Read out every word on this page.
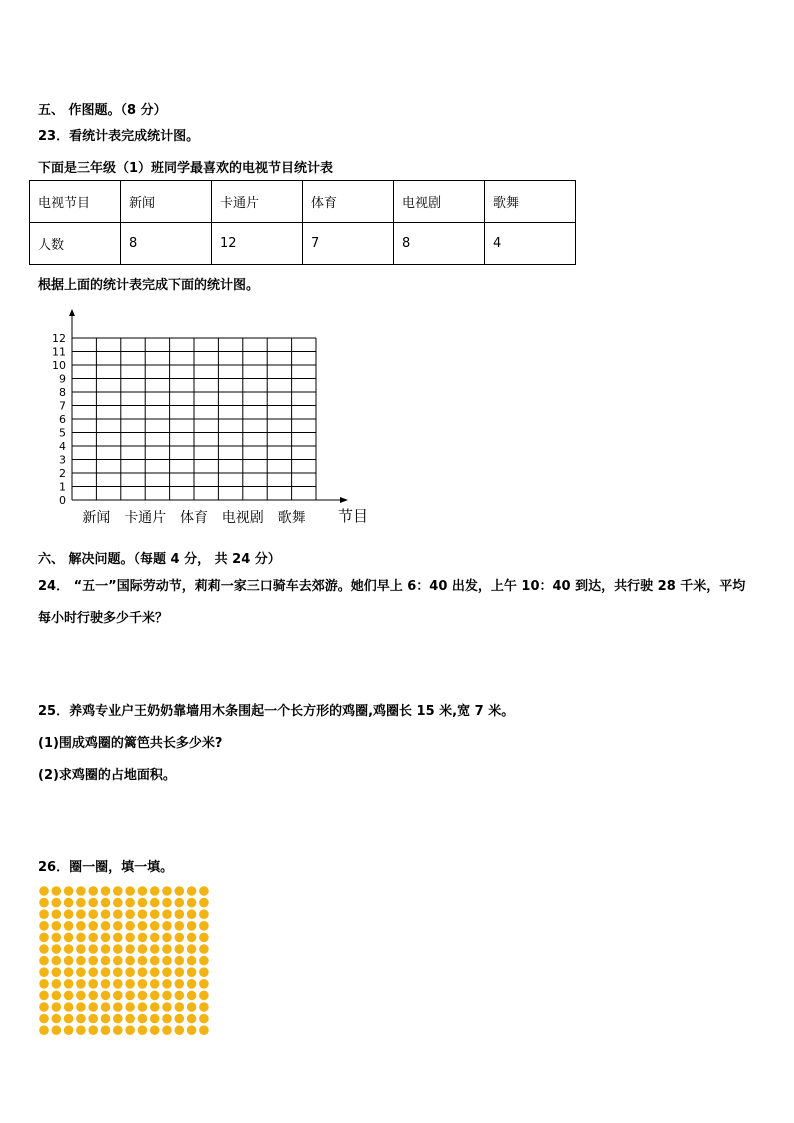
五、 作图题。（8 分）
23．看统计表完成统计图。
下面是三年级（1）班同学最喜欢的电视节目统计表
电视节目	新闻	卡通片	体育	电视剧	歌舞
人数	8	12	7	8	4
根据上面的统计表完成下面的统计图。
0
1
2
3
4
5
6
7
8
9
10
11
12
新闻 卡通片 体育 电视剧 歌舞 节目
六、 解决问题。（每题 4 分， 共 24 分）
24． “五一”国际劳动节，莉莉一家三口骑车去郊游。她们早上 6：40 出发，上午 10：40 到达，共行驶 28 千米，平均
每小时行驶多少千米？
25．养鸡专业户王奶奶靠墙用木条围起一个长方形的鸡圈,鸡圈长 15 米,宽 7 米。
(1)围成鸡圈的篱笆共长多少米?
(2)求鸡圈的占地面积。
26．圈一圈，填一填。
